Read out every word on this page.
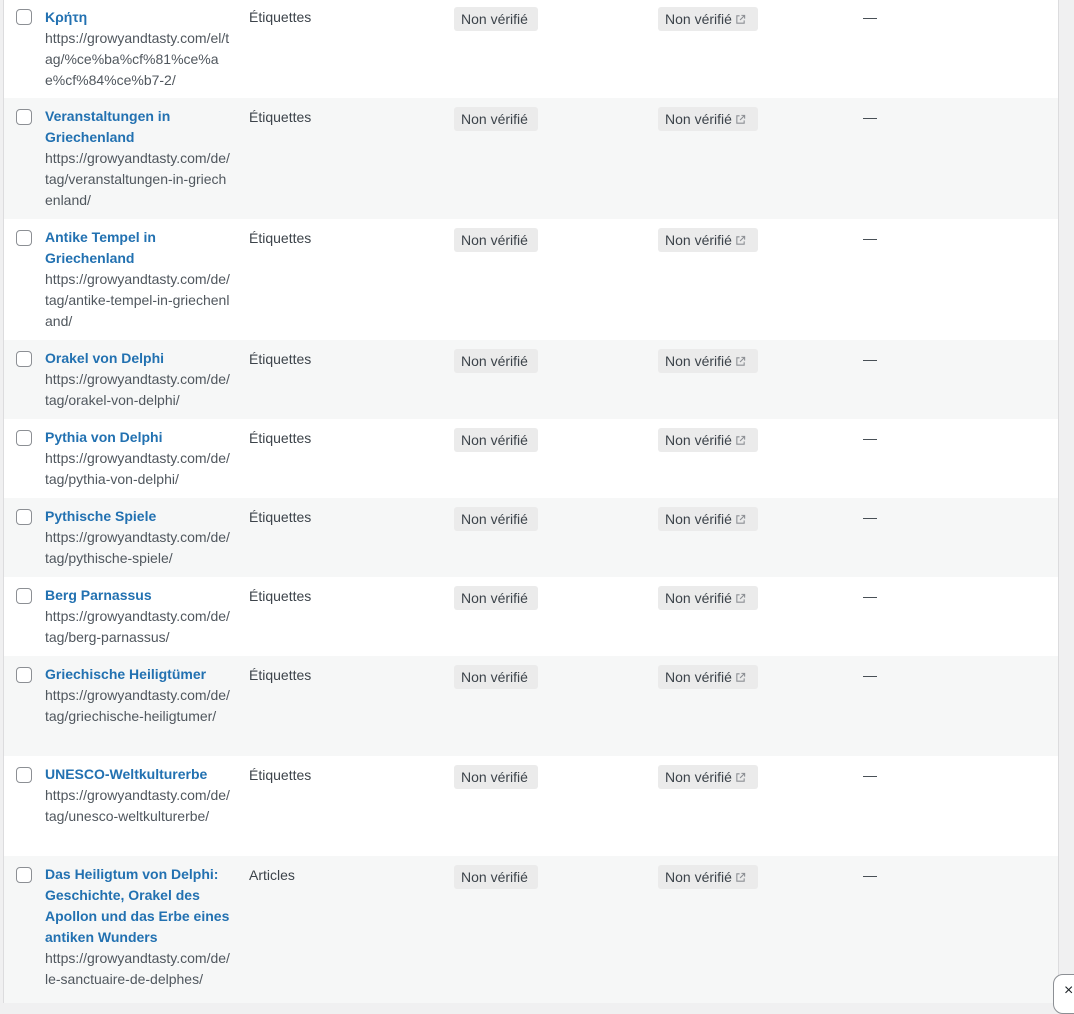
Κρήτη
https://growyandtasty.com/el/tag/%ce%ba%cf%81%ce%ae%cf%84%ce%b7-2/
Étiquettes	Non vérifié	Non vérifié	—
Veranstaltungen in Griechenland
https://growyandtasty.com/de/tag/veranstaltungen-in-griechenland/
Étiquettes	Non vérifié	Non vérifié	—
Antike Tempel in Griechenland
https://growyandtasty.com/de/tag/antike-tempel-in-griechenland/
Étiquettes	Non vérifié	Non vérifié	—
Orakel von Delphi
https://growyandtasty.com/de/tag/orakel-von-delphi/
Étiquettes	Non vérifié	Non vérifié	—
Pythia von Delphi
https://growyandtasty.com/de/tag/pythia-von-delphi/
Étiquettes	Non vérifié	Non vérifié	—
Pythische Spiele
https://growyandtasty.com/de/tag/pythische-spiele/
Étiquettes	Non vérifié	Non vérifié	—
Berg Parnassus
https://growyandtasty.com/de/tag/berg-parnassus/
Étiquettes	Non vérifié	Non vérifié	—
Griechische Heiligtümer
https://growyandtasty.com/de/tag/griechische-heiligtumer/
Étiquettes	Non vérifié	Non vérifié	—
UNESCO-Weltkulturerbe
https://growyandtasty.com/de/tag/unesco-weltkulturerbe/
Étiquettes	Non vérifié	Non vérifié	—
Das Heiligtum von Delphi: Geschichte, Orakel des Apollon und das Erbe eines antiken Wunders
https://growyandtasty.com/de/le-sanctuaire-de-delphes/
Articles	Non vérifié	Non vérifié	—
×
